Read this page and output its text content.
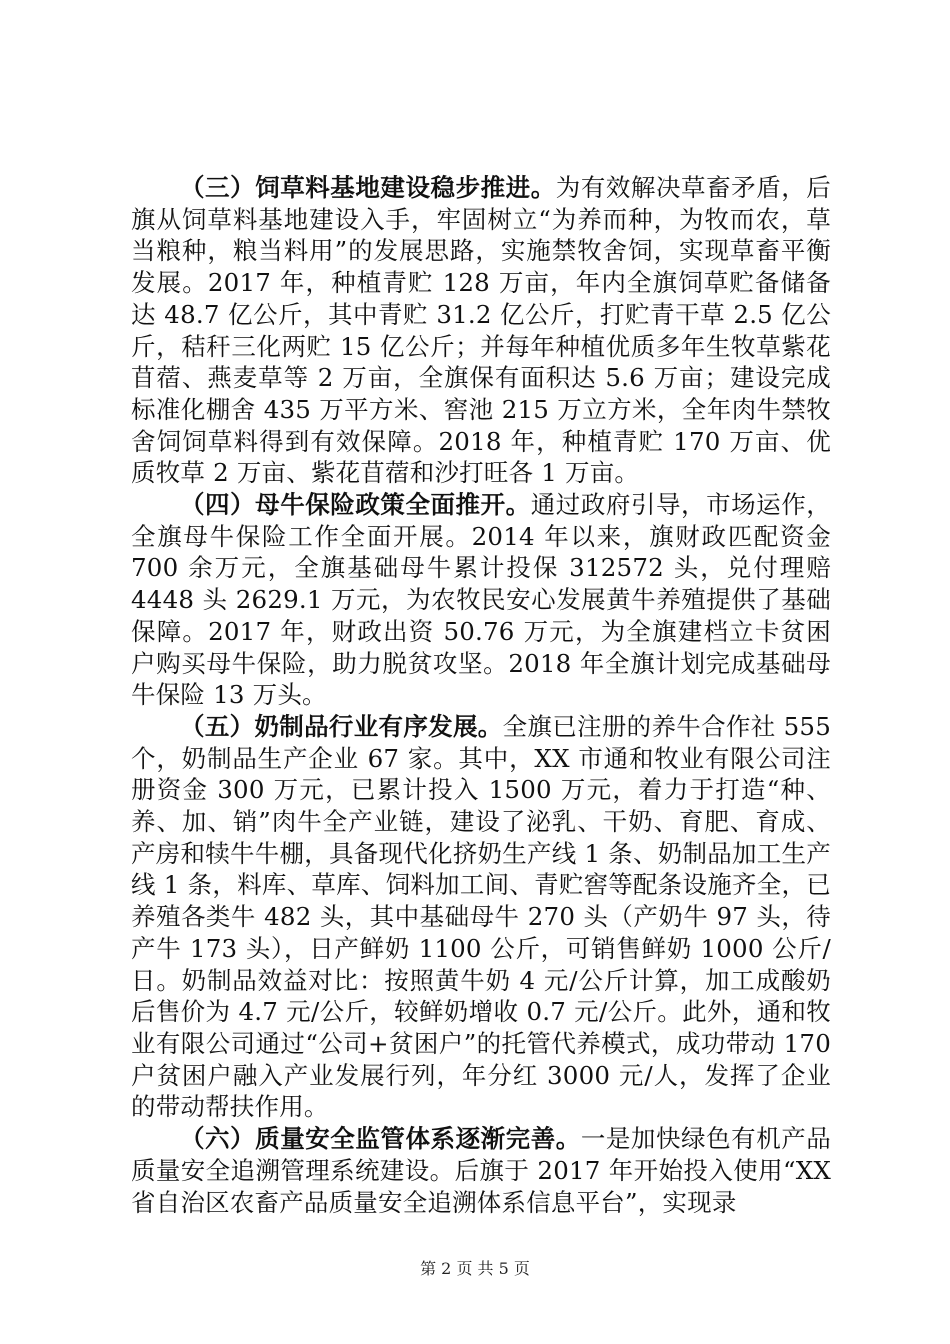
（三）饲草料基地建设稳步推进。为有效解决草畜矛盾，后旗从饲草料基地建设入手，牢固树立“为养而种，为牧而农，草当粮种，粮当料用”的发展思路，实施禁牧舍饲，实现草畜平衡发展。2017 年，种植青贮 128 万亩，年内全旗饲草贮备储备达 48.7 亿公斤，其中青贮 31.2 亿公斤，打贮青干草 2.5 亿公斤，秸秆三化两贮 15 亿公斤；并每年种植优质多年生牧草紫花苜蓿、燕麦草等 2 万亩，全旗保有面积达 5.6 万亩；建设完成标准化棚舍 435 万平方米、窖池 215 万立方米，全年肉牛禁牧舍饲饲草料得到有效保障。2018 年，种植青贮 170 万亩、优质牧草 2 万亩、紫花苜蓿和沙打旺各 1 万亩。

（四）母牛保险政策全面推开。通过政府引导，市场运作，全旗母牛保险工作全面开展。2014 年以来，旗财政匹配资金 700 余万元，全旗基础母牛累计投保 312572 头，兑付理赔 4448 头 2629.1 万元，为农牧民安心发展黄牛养殖提供了基础保障。2017 年，财政出资 50.76 万元，为全旗建档立卡贫困户购买母牛保险，助力脱贫攻坚。2018 年全旗计划完成基础母牛保险 13 万头。

（五）奶制品行业有序发展。全旗已注册的养牛合作社 555 个，奶制品生产企业 67 家。其中，XX 市通和牧业有限公司注册资金 300 万元，已累计投入 1500 万元，着力于打造“种、养、加、销”肉牛全产业链，建设了泌乳、干奶、育肥、育成、产房和犊牛牛棚，具备现代化挤奶生产线 1 条、奶制品加工生产线 1 条，料库、草库、饲料加工间、青贮窖等配条设施齐全，已养殖各类牛 482 头，其中基础母牛 270 头（产奶牛 97 头，待产牛 173 头），日产鲜奶 1100 公斤，可销售鲜奶 1000 公斤/日。奶制品效益对比：按照黄牛奶 4 元/公斤计算，加工成酸奶后售价为 4.7 元/公斤，较鲜奶增收 0.7 元/公斤。此外，通和牧业有限公司通过“公司+贫困户”的托管代养模式，成功带动 170 户贫困户融入产业发展行列，年分红 3000 元/人，发挥了企业的带动帮扶作用。

（六）质量安全监管体系逐渐完善。一是加快绿色有机产品质量安全追溯管理系统建设。后旗于 2017 年开始投入使用“XX 省自治区农畜产品质量安全追溯体系信息平台”，实现录

第 2 页 共 5 页
